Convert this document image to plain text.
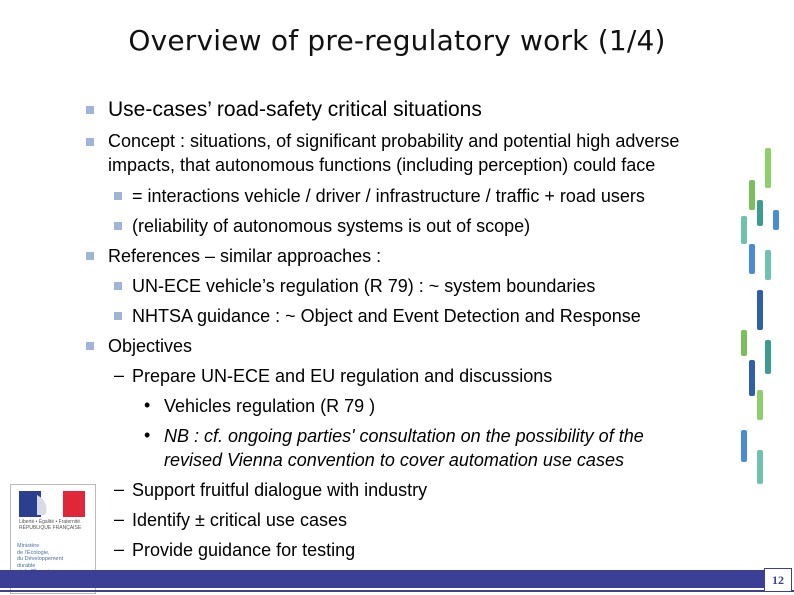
Overview of pre-regulatory work (1/4)
Use-cases’ road-safety critical situations
Concept : situations, of significant probability and potential high adverse
impacts, that autonomous functions (including perception) could face
= interactions vehicle / driver / infrastructure / traffic + road users
(reliability of autonomous systems is out of scope)
References – similar approaches :
UN-ECE vehicle’s regulation (R 79) : ~ system boundaries
NHTSA guidance : ~ Object and Event Detection and Response
Objectives
– Prepare UN-ECE and EU regulation and discussions
• Vehicles regulation (R 79 )
• NB : cf. ongoing parties' consultation on the possibility of the
revised Vienna convention to cover automation use cases
– Support fruitful dialogue with industry
– Identify ± critical use cases
– Provide guidance for testing
Liberté • Égalité • Fraternité
RÉPUBLIQUE FRANÇAISE
Ministère
de l'Écologie,
du Développement
durable
12
